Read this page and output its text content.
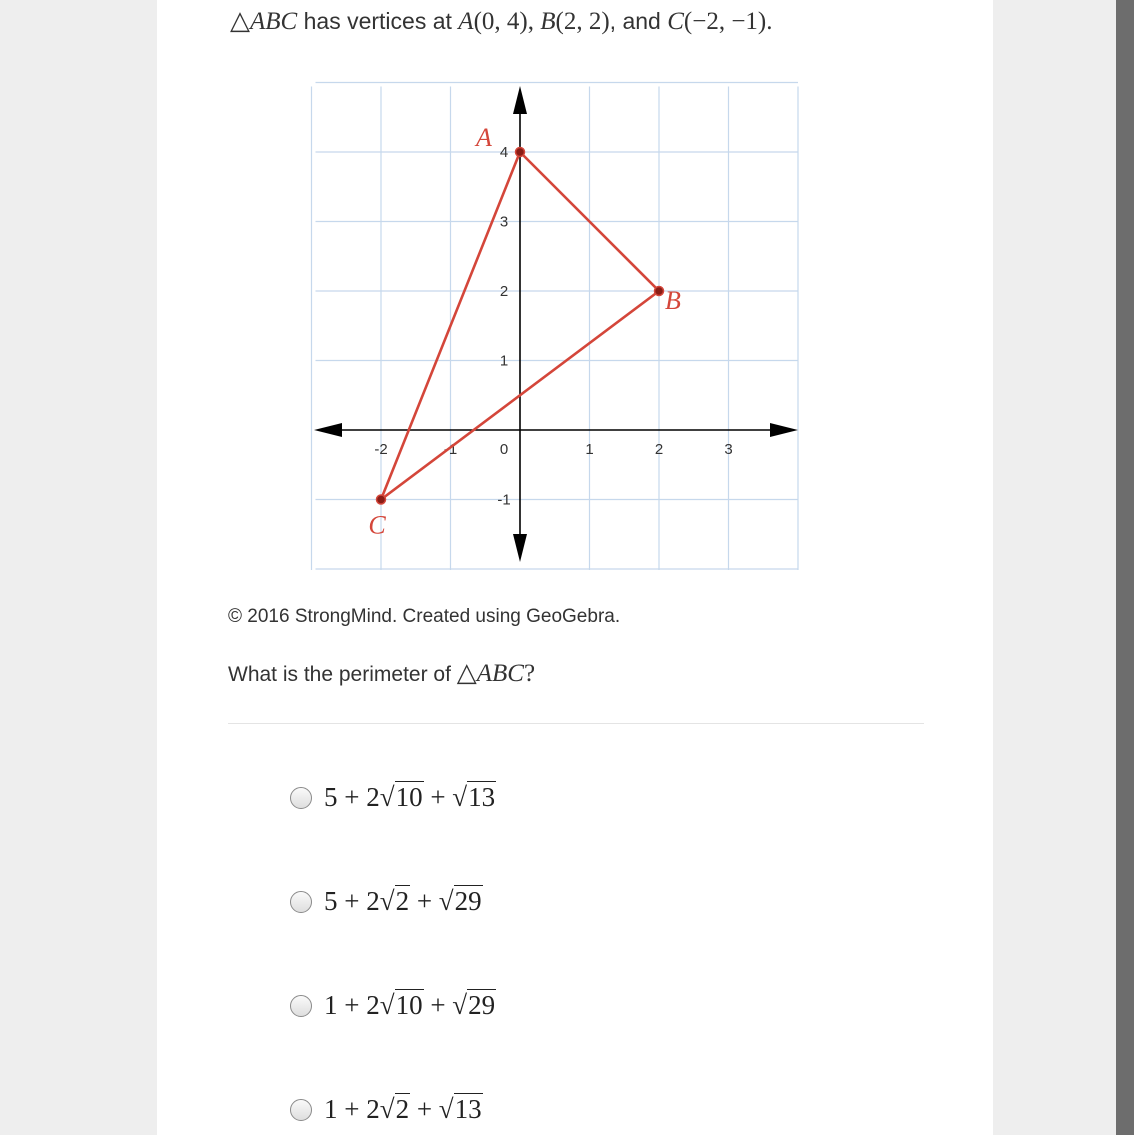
△ABC has vertices at A(0, 4), B(2, 2), and C(−2, −1).
-2	-1	0	1	2	3
-1
1
2
3
4
A
B
C
© 2016 StrongMind. Created using GeoGebra.
What is the perimeter of △ABC?
5 + 2√10 + √13
5 + 2√2 + √29
1 + 2√10 + √29
1 + 2√2 + √13
